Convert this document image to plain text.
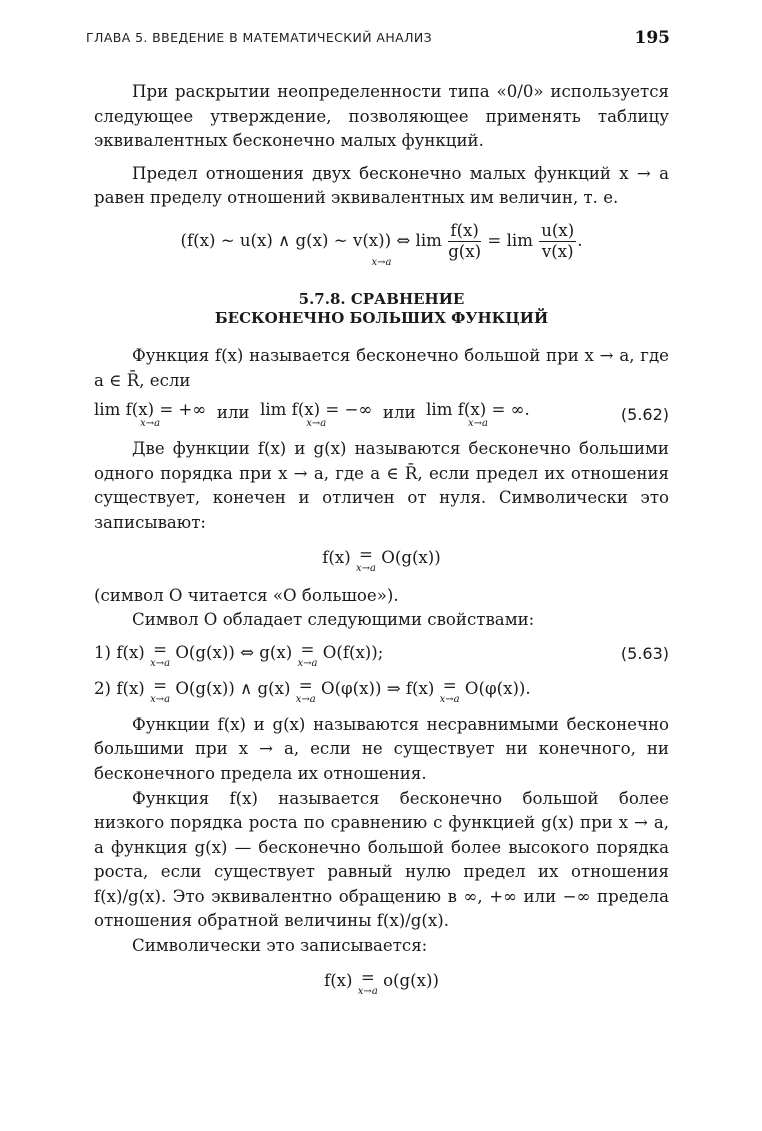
ГЛАВА 5. ВВЕДЕНИЕ В МАТЕМАТИЧЕСКИЙ АНАЛИЗ	195

При раскрытии неопределенности типа «0/0» используется следующее утверждение, позволяющее применять таблицу эквивалентных бесконечно малых функций.

Предел отношения двух бесконечно малых функций x → a равен пределу отношений эквивалентных им величин, т. е.

(f(x) ~ u(x) ∧ g(x) ~ v(x)) ⇔ $\lim \frac{f(x)}{g(x)} = \lim \frac{u(x)}{v(x)}$ .
x→a
5.7.8. СРАВНЕНИЕ
БЕСКОНЕЧНО БОЛЬШИХ ФУНКЦИЙ

Функция f(x) называется бесконечно большой при x → a, где a ∈ R̄, если

lim f(x) = +∞
x→a
или lim f(x) = −∞
x→a
или lim f(x) = ∞.
x→a	(5.62)

Две функции f(x) и g(x) называются бесконечно большими одного порядка при x → a, где a ∈ R̄, если предел их отношения существует, конечен и отличен от нуля. Символически это записывают:

f(x) =
x→a
O(g(x))

(символ O читается «O большое»).

Символ O обладает следующими свойствами:

1) f(x) =
x→a
O(g(x)) ⇔ g(x) =
x→a
O(f(x));	(5.63)
2) f(x) =
x→a
O(g(x)) ∧ g(x) =
x→a
O(φ(x)) ⇒ f(x) =
x→a
O(φ(x)).

Функции f(x) и g(x) называются несравнимыми бесконечно большими при x → a, если не существует ни конечного, ни бесконечного предела их отношения.

Функция f(x) называется бесконечно большой более низкого порядка роста по сравнению с функцией g(x) при x → a, а функция g(x) — бесконечно большой более высокого порядка роста, если существует равный нулю предел их отношения f(x)/g(x). Это эквивалентно обращению в ∞, +∞ или −∞ предела отношения обратной величины f(x)/g(x).

Символически это записывается:

f(x) =
x→a
o(g(x))
